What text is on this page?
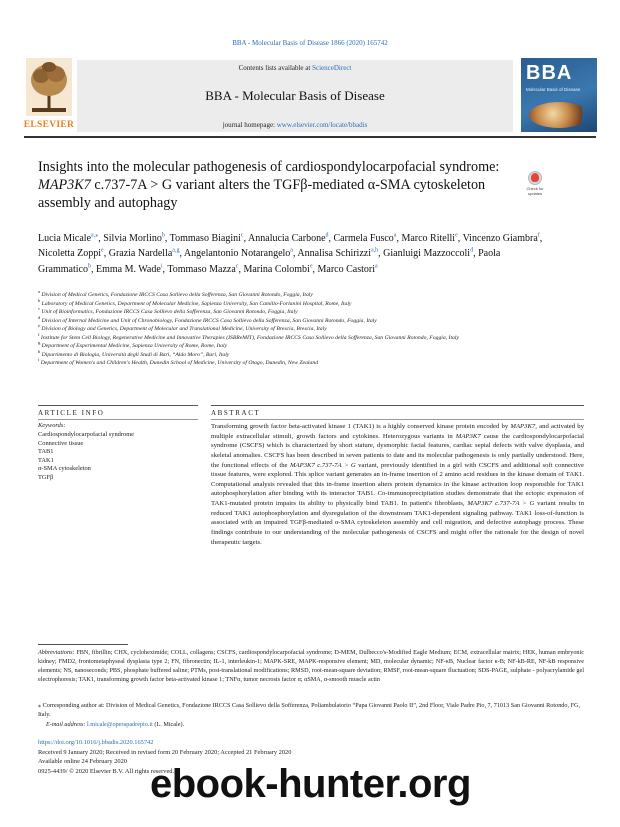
BBA - Molecular Basis of Disease 1866 (2020) 165742
ELSEVIER
Contents lists available at ScienceDirect
BBA - Molecular Basis of Disease
journal homepage: www.elsevier.com/locate/bbadis
BBA
Molecular Basis of Disease
Insights into the molecular pathogenesis of cardiospondylocarpofacial syndrome: MAP3K7 c.737-7A > G variant alters the TGFβ-mediated α-SMA cytoskeleton assembly and autophagy
Check for updates
Lucia Micale$^{a,⁎}$, Silvia Morlino$^b$, Tommaso Biagini$^c$, Annalucia Carbone$^d$, Carmela Fusco$^a$, Marco Ritelli$^e$, Vincenzo Giambra$^f$, Nicoletta Zoppi$^e$, Grazia Nardella$^{a,g}$, Angelantonio Notarangelo$^a$, Annalisa Schirizzi$^{a,h}$, Gianluigi Mazzoccoli$^d$, Paola Grammatico$^b$, Emma M. Wade$^i$, Tommaso Mazza$^c$, Marina Colombi$^e$, Marco Castori$^a$
$^a$ Division of Medical Genetics, Fondazione IRCCS Casa Sollievo della Sofferenza, San Giovanni Rotondo, Foggia, Italy
$^b$ Laboratory of Medical Genetics, Department of Molecular Medicine, Sapienza University, San Camillo-Forlanini Hospital, Rome, Italy
$^c$ Unit of Bioinformatics, Fondazione IRCCS Casa Sollievo della Sofferenza, San Giovanni Rotondo, Foggia, Italy
$^d$ Division of Internal Medicine and Unit of Chronobiology, Fondazione IRCCS Casa Sollievo della Sofferenza, San Giovanni Rotondo, Foggia, Italy
$^e$ Division of Biology and Genetics, Department of Molecular and Translational Medicine, University of Brescia, Brescia, Italy
$^f$ Institute for Stem Cell Biology, Regenerative Medicine and Innovative Therapies (ISBReMIT), Fondazione IRCCS Casa Sollievo della Sofferenza, San Giovanni Rotondo, Foggia, Italy
$^g$ Department of Experimental Medicine, Sapienza University of Rome, Rome, Italy
$^h$ Dipartimento di Biologia, Università degli Studi di Bari, “Aldo Moro”, Bari, Italy
$^i$ Department of Women's and Children's Health, Dunedin School of Medicine, University of Otago, Dunedin, New Zealand
ARTICLE INFO	ABSTRACT
Keywords:
Cardiospondylocarpofacial syndrome
Connective tissue
TAB1
TAK1
α-SMA cytoskeleton
TGFβ
Transforming growth factor beta-activated kinase 1 (TAK1) is a highly conserved kinase protein encoded by MAP3K7, and activated by multiple extracellular stimuli, growth factors and cytokines. Heterozygous variants in MAP3K7 cause the cardiospondylocarpofacial syndrome (CSCFS) which is characterized by short stature, dysmorphic facial features, cardiac septal defects with valve dysplasia, and skeletal anomalies. CSCFS has been described in seven patients to date and its molecular pathogenesis is only partially understood. Here, the functional effects of the MAP3K7 c.737-7A > G variant, previously identified in a girl with CSCFS and additional soft connective tissue features, were explored. This splice variant generates an in-frame insertion of 2 amino acid residues in the kinase domain of TAK1. Computational analysis revealed that this in-frame insertion alters protein dynamics in the kinase activation loop responsible for TAK1 autophosphorylation after binding with its interactor TAB1. Co-immunoprecipitation studies demonstrate that the ectopic expression of TAK1-mutated protein impairs its ability to physically bind TAB1. In patient's fibroblasts, MAP3K7 c.737-7A > G variant results in reduced TAK1 autophosphorylation and dysregulation of the downstream TAK1-dependent signaling pathway. TAK1 loss-of-function is associated with an impaired TGFβ-mediated α-SMA cytoskeleton assembly and cell migration, and defective autophagy process. These findings contribute to our understanding of the molecular pathogenesis of CSCFS and might offer the rationale for the design of novel therapeutic targets.
Abbreviations: FBN, fibrillin; CHX, cycloheximide; COLL, collagens; CSCFS, cardiospondylocarpofacial syndrome; D-MEM, Dulbecco's-Modified Eagle Medium; ECM, extracellular matrix; HEK, human embryonic kidney; FMD2, frontometaphyseal dysplasia type 2; FN, fibronectin; IL-1, interleukin-1; MAPK-SRE, MAPK-responsive element; MD, molecular dynamic; NF-κB, Nuclear factor κ-B; NF-kB-RE, NF-kB responsive elements; NS, nanoseconds; PBS, phosphate buffered saline; PTMs, post-translational modifications; RMSD, root-mean-square deviation; RMSF, root-mean-square fluctuation; SDS-PAGE, sulphate - polyacrylamide gel electrophoresis; TAK1, transforming growth factor beta-activated kinase 1; TNFα, tumor necrosis factor α; αSMA, α-smooth muscle actin
⁎ Corresponding author at: Division of Medical Genetics, Fondazione IRCCS Casa Sollievo della Sofferenza, Poliambulatorio “Papa Giovanni Paolo II”, 2nd Floor, Viale Padre Pio, 7, 71013 San Giovanni Rotondo, FG, Italy.
E-mail address: l.micale@operapadrepio.it (L. Micale).
https://doi.org/10.1016/j.bbadis.2020.165742
Received 9 January 2020; Received in revised form 20 February 2020; Accepted 21 February 2020
Available online 24 February 2020
0925-4439/ © 2020 Elsevier B.V. All rights reserved.
ebook-hunter.org
